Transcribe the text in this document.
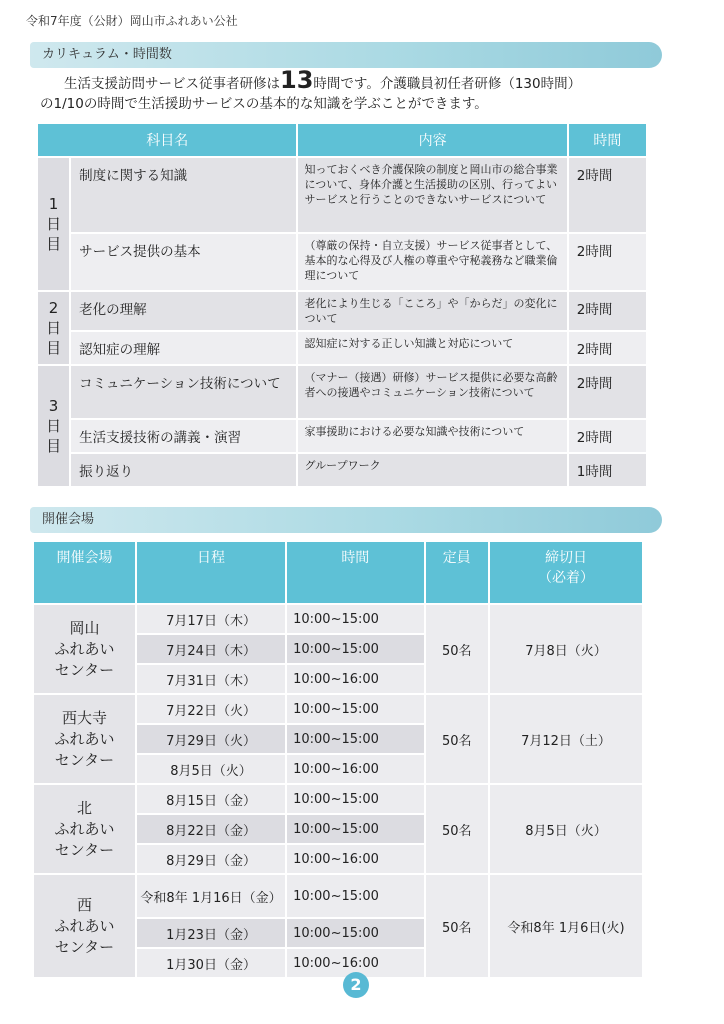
令和7年度（公財）岡山市ふれあい公社
カリキュラム・時間数
生活支援訪問サービス従事者研修は13時間です。介護職員初任者研修（130時間）
の1/10の時間で生活援助サービスの基本的な知識を学ぶことができます。
科目名		内容	時間
1
日
目	制度に関する知識	知っておくべき介護保険の制度と岡山市の総合事業について、身体介護と生活援助の区別、行ってよいサービスと行うことのできないサービスについて	2時間
	サービス提供の基本	（尊厳の保持・自立支援）サービス従事者として、基本的な心得及び人権の尊重や守秘義務など職業倫理について	2時間
2
日
目	老化の理解	老化により生じる「こころ」や「からだ」の変化について	2時間
	認知症の理解	認知症に対する正しい知識と対応について	2時間
3
日
目	コミュニケーション技術について	（マナー（接遇）研修）サービス提供に必要な高齢者への接遇やコミュニケーション技術について	2時間
	生活支援技術の講義・演習	家事援助における必要な知識や技術について	2時間
	振り返り	グループワーク	1時間
開催会場
開催会場	日程	時間	定員	締切日
（必着）

岡山
ふれあい
センター	7月17日（木）	10:00~15:00	50名	7月8日（火）
	7月24日（木）	10:00~15:00		
	7月31日（木）	10:00~16:00		
西大寺
ふれあい
センター	7月22日（火）	10:00~15:00	50名	7月12日（土）
	7月29日（火）	10:00~15:00		
	8月5日（火）	10:00~16:00		
北
ふれあい
センター	8月15日（金）	10:00~15:00	50名	8月5日（火）
	8月22日（金）	10:00~15:00		
	8月29日（金）	10:00~16:00		
西
ふれあい
センター	令和8年 1月16日（金）	10:00~15:00	50名	令和8年 1月6日(火)
	1月23日（金）	10:00~15:00		
	1月30日（金）	10:00~16:00		
2
